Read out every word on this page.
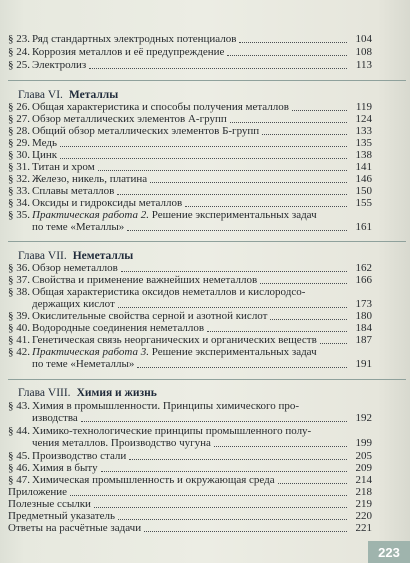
§ 23. Ряд стандартных электродных потенциалов	104
§ 24. Коррозия металлов и её предупреждение	108
§ 25. Электролиз	113
Глава VI. Металлы
§ 26. Общая характеристика и способы получения металлов	119
§ 27. Обзор металлических элементов А-групп	124
§ 28. Общий обзор металлических элементов Б-групп	133
§ 29. Медь	135
§ 30. Цинк	138
§ 31. Титан и хром	141
§ 32. Железо, никель, платина	146
§ 33. Сплавы металлов	150
§ 34. Оксиды и гидроксиды металлов	155
§ 35. Практическая работа 2. Решение экспериментальных задач
по теме «Металлы»	161
Глава VII. Неметаллы
§ 36. Обзор неметаллов	162
§ 37. Свойства и применение важнейших неметаллов	166
§ 38. Общая характеристика оксидов неметаллов и кислородсо-
держащих кислот	173
§ 39. Окислительные свойства серной и азотной кислот	180
§ 40. Водородные соединения неметаллов	184
§ 41. Генетическая связь неорганических и органических веществ	187
§ 42. Практическая работа 3. Решение экспериментальных задач
по теме «Неметаллы»	191
Глава VIII. Химия и жизнь
§ 43. Химия в промышленности. Принципы химического про-
изводства	192
§ 44. Химико-технологические принципы промышленного полу-
чения металлов. Производство чугуна	199
§ 45. Производство стали	205
§ 46. Химия в быту	209
§ 47. Химическая промышленность и окружающая среда	214
Приложение	218
Полезные ссылки	219
Предметный указатель	220
Ответы на расчётные задачи	221
223
